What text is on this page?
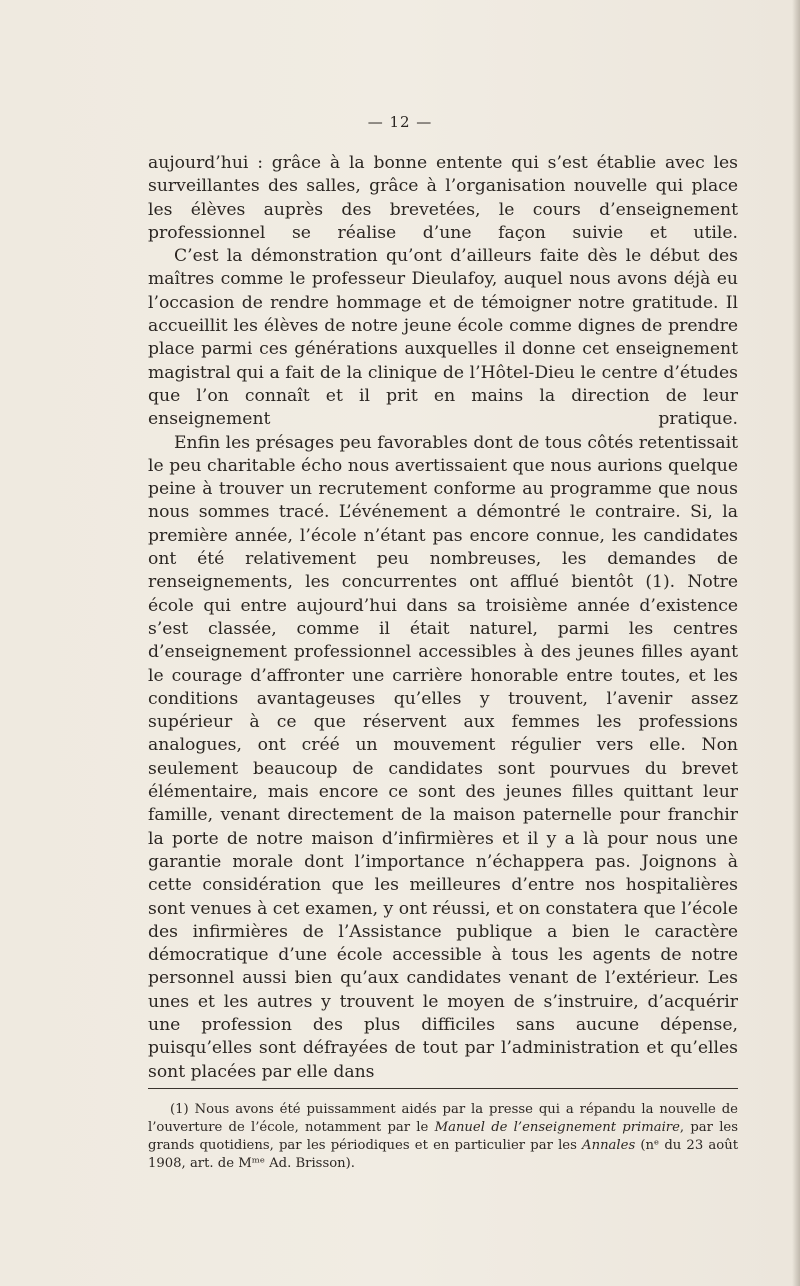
— 12 —

aujourd’hui : grâce à la bonne entente qui s’est établie avec les surveillantes des salles, grâce à l’organisation nouvelle qui place les élèves auprès des brevetées, le cours d’enseignement professionnel se réalise d’une façon suivie et utile.

C’est la démonstration qu’ont d’ailleurs faite dès le début des maîtres comme le professeur Dieulafoy, auquel nous avons déjà eu l’occasion de rendre hommage et de témoigner notre gratitude. Il accueillit les élèves de notre jeune école comme dignes de prendre place parmi ces générations auxquelles il donne cet enseignement magistral qui a fait de la clinique de l’Hôtel-Dieu le centre d’études que l’on connaît et il prit en mains la direction de leur enseignement pratique.

Enfin les présages peu favorables dont de tous côtés retentissait le peu charitable écho nous avertissaient que nous aurions quelque peine à trouver un recrutement conforme au programme que nous nous sommes tracé. L’événement a démontré le contraire. Si, la première année, l’école n’étant pas encore connue, les candidates ont été relativement peu nombreuses, les demandes de renseignements, les concurrentes ont afflué bientôt (1). Notre école qui entre aujourd’hui dans sa troisième année d’existence s’est classée, comme il était naturel, parmi les centres d’enseignement professionnel accessibles à des jeunes filles ayant le courage d’affronter une carrière honorable entre toutes, et les conditions avantageuses qu’elles y trouvent, l’avenir assez supérieur à ce que réservent aux femmes les professions analogues, ont créé un mouvement régulier vers elle. Non seulement beaucoup de candidates sont pourvues du brevet élémentaire, mais encore ce sont des jeunes filles quittant leur famille, venant directement de la maison paternelle pour franchir la porte de notre maison d’infirmières et il y a là pour nous une garantie morale dont l’importance n’échappera pas. Joignons à cette considération que les meilleures d’entre nos hospitalières sont venues à cet examen, y ont réussi, et on constatera que l’école des infirmières de l’Assistance publique a bien le caractère démocratique d’une école accessible à tous les agents de notre personnel aussi bien qu’aux candidates venant de l’extérieur. Les unes et les autres y trouvent le moyen de s’instruire, d’acquérir une profession des plus difficiles sans aucune dépense, puisqu’elles sont défrayées de tout par l’administration et qu’elles sont placées par elle dans

(1) Nous avons été puissamment aidés par la presse qui a répandu la nouvelle de l’ouverture de l’école, notamment par le Manuel de l’enseignement primaire, par les grands quotidiens, par les périodiques et en particulier par les Annales (nᵉ du 23 août 1908, art. de Mᵐᵉ Ad. Brisson).
